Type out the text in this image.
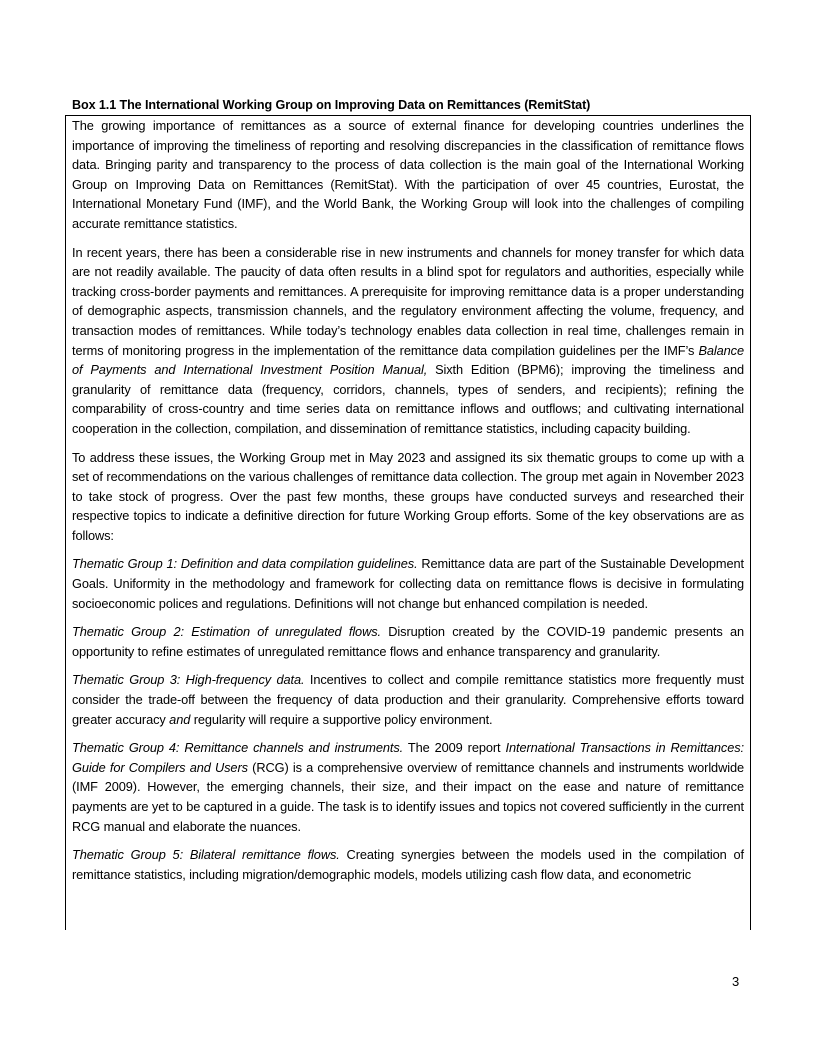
Box 1.1 The International Working Group on Improving Data on Remittances (RemitStat)

The growing importance of remittances as a source of external finance for developing countries underlines the importance of improving the timeliness of reporting and resolving discrepancies in the classification of remittance flows data. Bringing parity and transparency to the process of data collection is the main goal of the International Working Group on Improving Data on Remittances (RemitStat). With the participation of over 45 countries, Eurostat, the International Monetary Fund (IMF), and the World Bank, the Working Group will look into the challenges of compiling accurate remittance statistics.

In recent years, there has been a considerable rise in new instruments and channels for money transfer for which data are not readily available. The paucity of data often results in a blind spot for regulators and authorities, especially while tracking cross-border payments and remittances. A prerequisite for improving remittance data is a proper understanding of demographic aspects, transmission channels, and the regulatory environment affecting the volume, frequency, and transaction modes of remittances. While today’s technology enables data collection in real time, challenges remain in terms of monitoring progress in the implementation of the remittance data compilation guidelines per the IMF’s Balance of Payments and International Investment Position Manual, Sixth Edition (BPM6); improving the timeliness and granularity of remittance data (frequency, corridors, channels, types of senders, and recipients); refining the comparability of cross-country and time series data on remittance inflows and outflows; and cultivating international cooperation in the collection, compilation, and dissemination of remittance statistics, including capacity building.

To address these issues, the Working Group met in May 2023 and assigned its six thematic groups to come up with a set of recommendations on the various challenges of remittance data collection. The group met again in November 2023 to take stock of progress. Over the past few months, these groups have conducted surveys and researched their respective topics to indicate a definitive direction for future Working Group efforts. Some of the key observations are as follows:

Thematic Group 1: Definition and data compilation guidelines. Remittance data are part of the Sustainable Development Goals. Uniformity in the methodology and framework for collecting data on remittance flows is decisive in formulating socioeconomic polices and regulations. Definitions will not change but enhanced compilation is needed.

Thematic Group 2: Estimation of unregulated flows. Disruption created by the COVID-19 pandemic presents an opportunity to refine estimates of unregulated remittance flows and enhance transparency and granularity.

Thematic Group 3: High-frequency data. Incentives to collect and compile remittance statistics more frequently must consider the trade-off between the frequency of data production and their granularity. Comprehensive efforts toward greater accuracy and regularity will require a supportive policy environment.

Thematic Group 4: Remittance channels and instruments. The 2009 report International Transactions in Remittances: Guide for Compilers and Users (RCG) is a comprehensive overview of remittance channels and instruments worldwide (IMF 2009). However, the emerging channels, their size, and their impact on the ease and nature of remittance payments are yet to be captured in a guide. The task is to identify issues and topics not covered sufficiently in the current RCG manual and elaborate the nuances.

Thematic Group 5: Bilateral remittance flows. Creating synergies between the models used in the compilation of remittance statistics, including migration/demographic models, models utilizing cash flow data, and econometric

3
